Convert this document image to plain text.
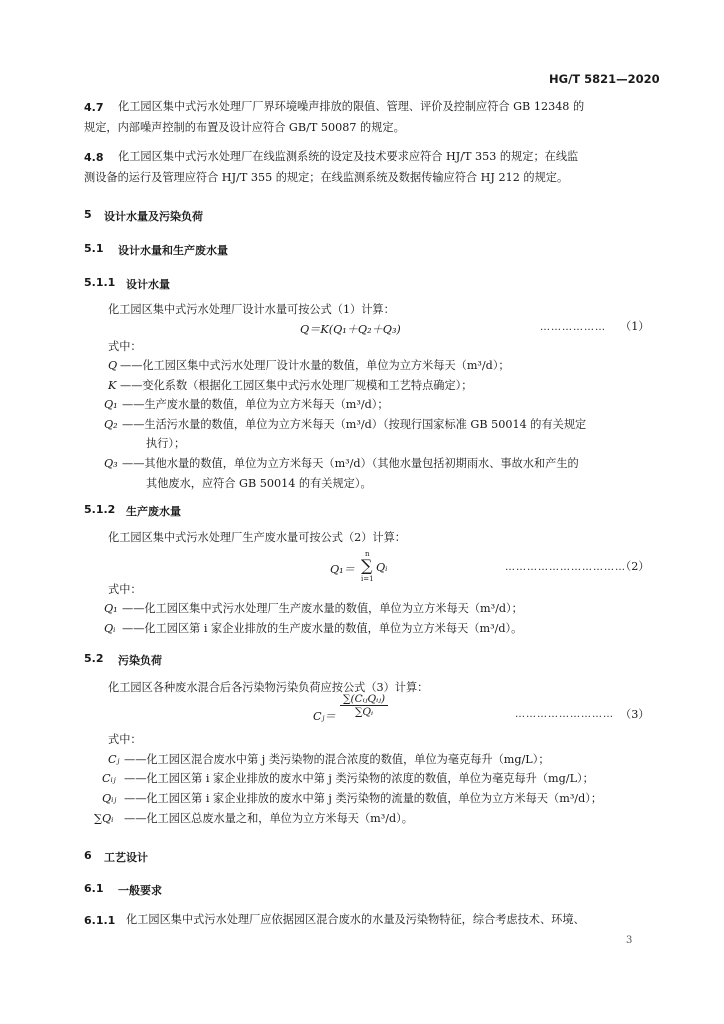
HG/T 5821—2020
4.7 化工园区集中式污水处理厂厂界环境噪声排放的限值、管理、评价及控制应符合 GB 12348 的
规定，内部噪声控制的布置及设计应符合 GB/T 50087 的规定。
4.8 化工园区集中式污水处理厂在线监测系统的设定及技术要求应符合 HJ/T 353 的规定；在线监
测设备的运行及管理应符合 HJ/T 355 的规定；在线监测系统及数据传输应符合 HJ 212 的规定。
5 设计水量及污染负荷
5.1 设计水量和生产废水量
5.1.1 设计水量
化工园区集中式污水处理厂设计水量可按公式（1）计算：
Q＝K(Q₁＋Q₂＋Q₃)	……………… （1）
式中：
Q ——化工园区集中式污水处理厂设计水量的数值，单位为立方米每天（m³/d）；
K ——变化系数（根据化工园区集中式污水处理厂规模和工艺特点确定）；
Q₁ ——生产废水量的数值，单位为立方米每天（m³/d）；
Q₂ ——生活污水量的数值，单位为立方米每天（m³/d）（按现行国家标准 GB 50014 的有关规定
执行）；
Q₃ ——其他水量的数值，单位为立方米每天（m³/d）（其他水量包括初期雨水、事故水和产生的
其他废水，应符合 GB 50014 的有关规定）。
5.1.2 生产废水量
化工园区集中式污水处理厂生产废水量可按公式（2）计算：
Q₁＝
n
∑
i=1
Qᵢ	……………………………
（2）
式中：
Q₁ ——化工园区集中式污水处理厂生产废水量的数值，单位为立方米每天（m³/d）；
Qᵢ ——化工园区第 i 家企业排放的生产废水量的数值，单位为立方米每天（m³/d）。
5.2 污染负荷
化工园区各种废水混合后各污染物污染负荷应按公式（3）计算：
Cⱼ＝ $\frac{\text{∑(CᵢⱼQᵢⱼ)}}{\text{∑Qᵢ}}$	……………………… （3）
式中：
Cⱼ ——化工园区混合废水中第 j 类污染物的混合浓度的数值，单位为毫克每升（mg/L）；
Cᵢⱼ ——化工园区第 i 家企业排放的废水中第 j 类污染物的浓度的数值，单位为毫克每升（mg/L）；
Qᵢⱼ ——化工园区第 i 家企业排放的废水中第 j 类污染物的流量的数值，单位为立方米每天（m³/d）；
∑Qᵢ ——化工园区总废水量之和，单位为立方米每天（m³/d）。
6 工艺设计
6.1 一般要求
6.1.1 化工园区集中式污水处理厂应依据园区混合废水的水量及污染物特征，综合考虑技术、环境、
3
